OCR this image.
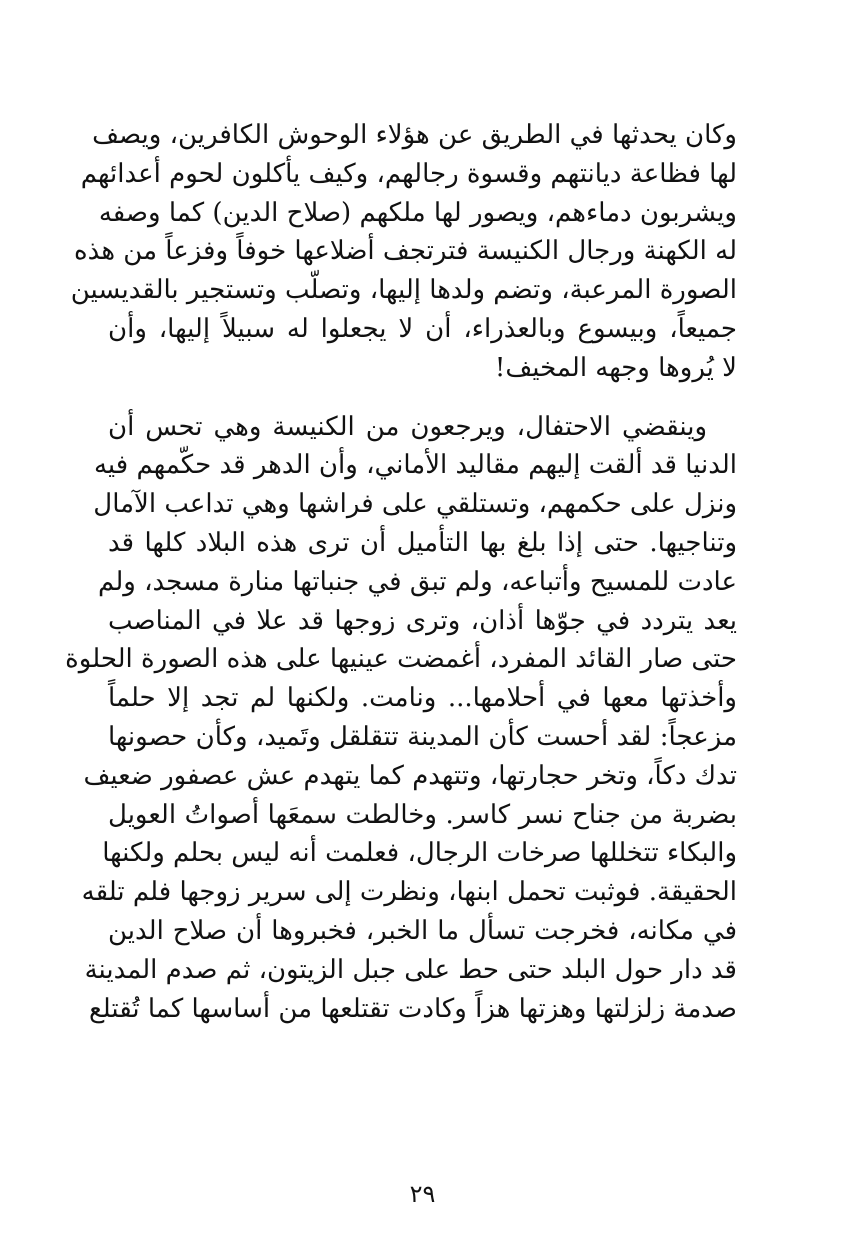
وكان يحدثها في الطريق عن هؤلاء الوحوش الكافرين، ويصف
لها فظاعة ديانتهم وقسوة رجالهم، وكيف يأكلون لحوم أعدائهم
ويشربون دماءهم، ويصور لها ملكهم (صلاح الدين) كما وصفه
له الكهنة ورجال الكنيسة فترتجف أضلاعها خوفاً وفزعاً من هذه
الصورة المرعبة، وتضم ولدها إليها، وتصلّب وتستجير بالقديسين
جميعاً، وبيسوع وبالعذراء، أن لا يجعلوا له سبيلاً إليها، وأن
لا يُروها وجهه المخيف!
وينقضي الاحتفال، ويرجعون من الكنيسة وهي تحس أن
الدنيا قد ألقت إليهم مقاليد الأماني، وأن الدهر قد حكّمهم فيه
ونزل على حكمهم، وتستلقي على فراشها وهي تداعب الآمال
وتناجيها. حتى إذا بلغ بها التأميل أن ترى هذه البلاد كلها قد
عادت للمسيح وأتباعه، ولم تبق في جنباتها منارة مسجد، ولم
يعد يتردد في جوّها أذان، وترى زوجها قد علا في المناصب
حتى صار القائد المفرد، أغمضت عينيها على هذه الصورة الحلوة
وأخذتها معها في أحلامها... ونامت. ولكنها لم تجد إلا حلماً
مزعجاً: لقد أحست كأن المدينة تتقلقل وتَميد، وكأن حصونها
تدك دكاً، وتخر حجارتها، وتتهدم كما يتهدم عش عصفور ضعيف
بضربة من جناح نسر كاسر. وخالطت سمعَها أصواتُ العويل
والبكاء تتخللها صرخات الرجال، فعلمت أنه ليس بحلم ولكنها
الحقيقة. فوثبت تحمل ابنها، ونظرت إلى سرير زوجها فلم تلقه
في مكانه، فخرجت تسأل ما الخبر، فخبروها أن صلاح الدين
قد دار حول البلد حتى حط على جبل الزيتون، ثم صدم المدينة
صدمة زلزلتها وهزتها هزاً وكادت تقتلعها من أساسها كما تُقتلع
٢٩
